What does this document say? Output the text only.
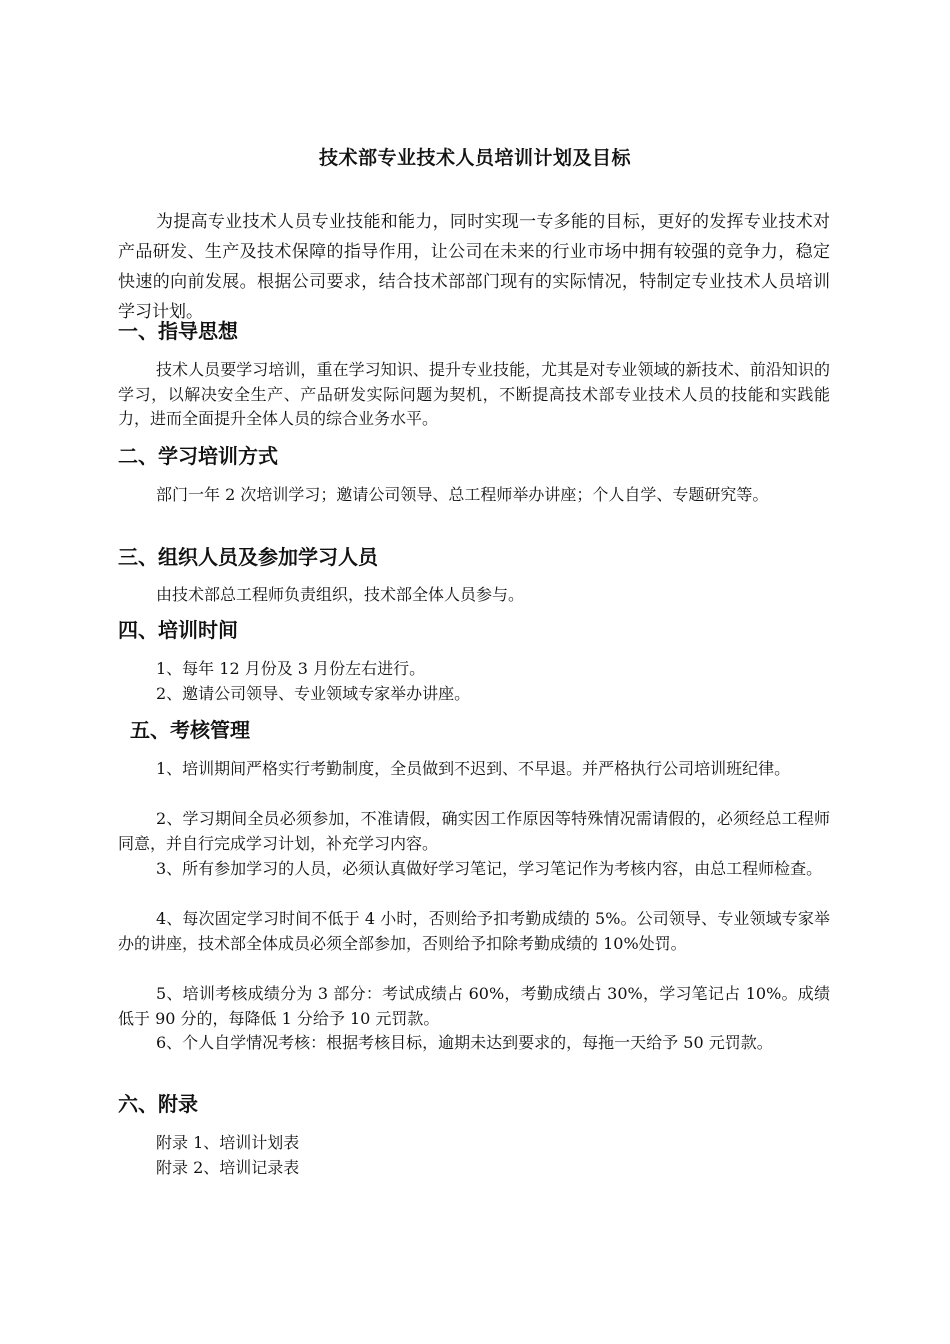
技术部专业技术人员培训计划及目标

为提高专业技术人员专业技能和能力，同时实现一专多能的目标，更好的发挥专业技术对产品研发、生产及技术保障的指导作用，让公司在未来的行业市场中拥有较强的竞争力，稳定快速的向前发展。根据公司要求，结合技术部部门现有的实际情况，特制定专业技术人员培训学习计划。

一、指导思想

技术人员要学习培训，重在学习知识、提升专业技能，尤其是对专业领域的新技术、前沿知识的学习，以解决安全生产、产品研发实际问题为契机，不断提高技术部专业技术人员的技能和实践能力，进而全面提升全体人员的综合业务水平。

二、学习培训方式

部门一年 2 次培训学习；邀请公司领导、总工程师举办讲座；个人自学、专题研究等。

三、组织人员及参加学习人员

由技术部总工程师负责组织，技术部全体人员参与。

四、培训时间

1、每年 12 月份及 3 月份左右进行。

2、邀请公司领导、专业领域专家举办讲座。

五、考核管理

1、培训期间严格实行考勤制度，全员做到不迟到、不早退。并严格执行公司培训班纪律。

2、学习期间全员必须参加，不准请假，确实因工作原因等特殊情况需请假的，必须经总工程师同意，并自行完成学习计划，补充学习内容。

3、所有参加学习的人员，必须认真做好学习笔记，学习笔记作为考核内容，由总工程师检查。

4、每次固定学习时间不低于 4 小时，否则给予扣考勤成绩的 5%。公司领导、专业领域专家举办的讲座，技术部全体成员必须全部参加，否则给予扣除考勤成绩的 10%处罚。

5、培训考核成绩分为 3 部分：考试成绩占 60%，考勤成绩占 30%，学习笔记占 10%。成绩低于 90 分的，每降低 1 分给予 10 元罚款。

6、个人自学情况考核：根据考核目标，逾期未达到要求的，每拖一天给予 50 元罚款。

六、附录

附录 1、培训计划表

附录 2、培训记录表
